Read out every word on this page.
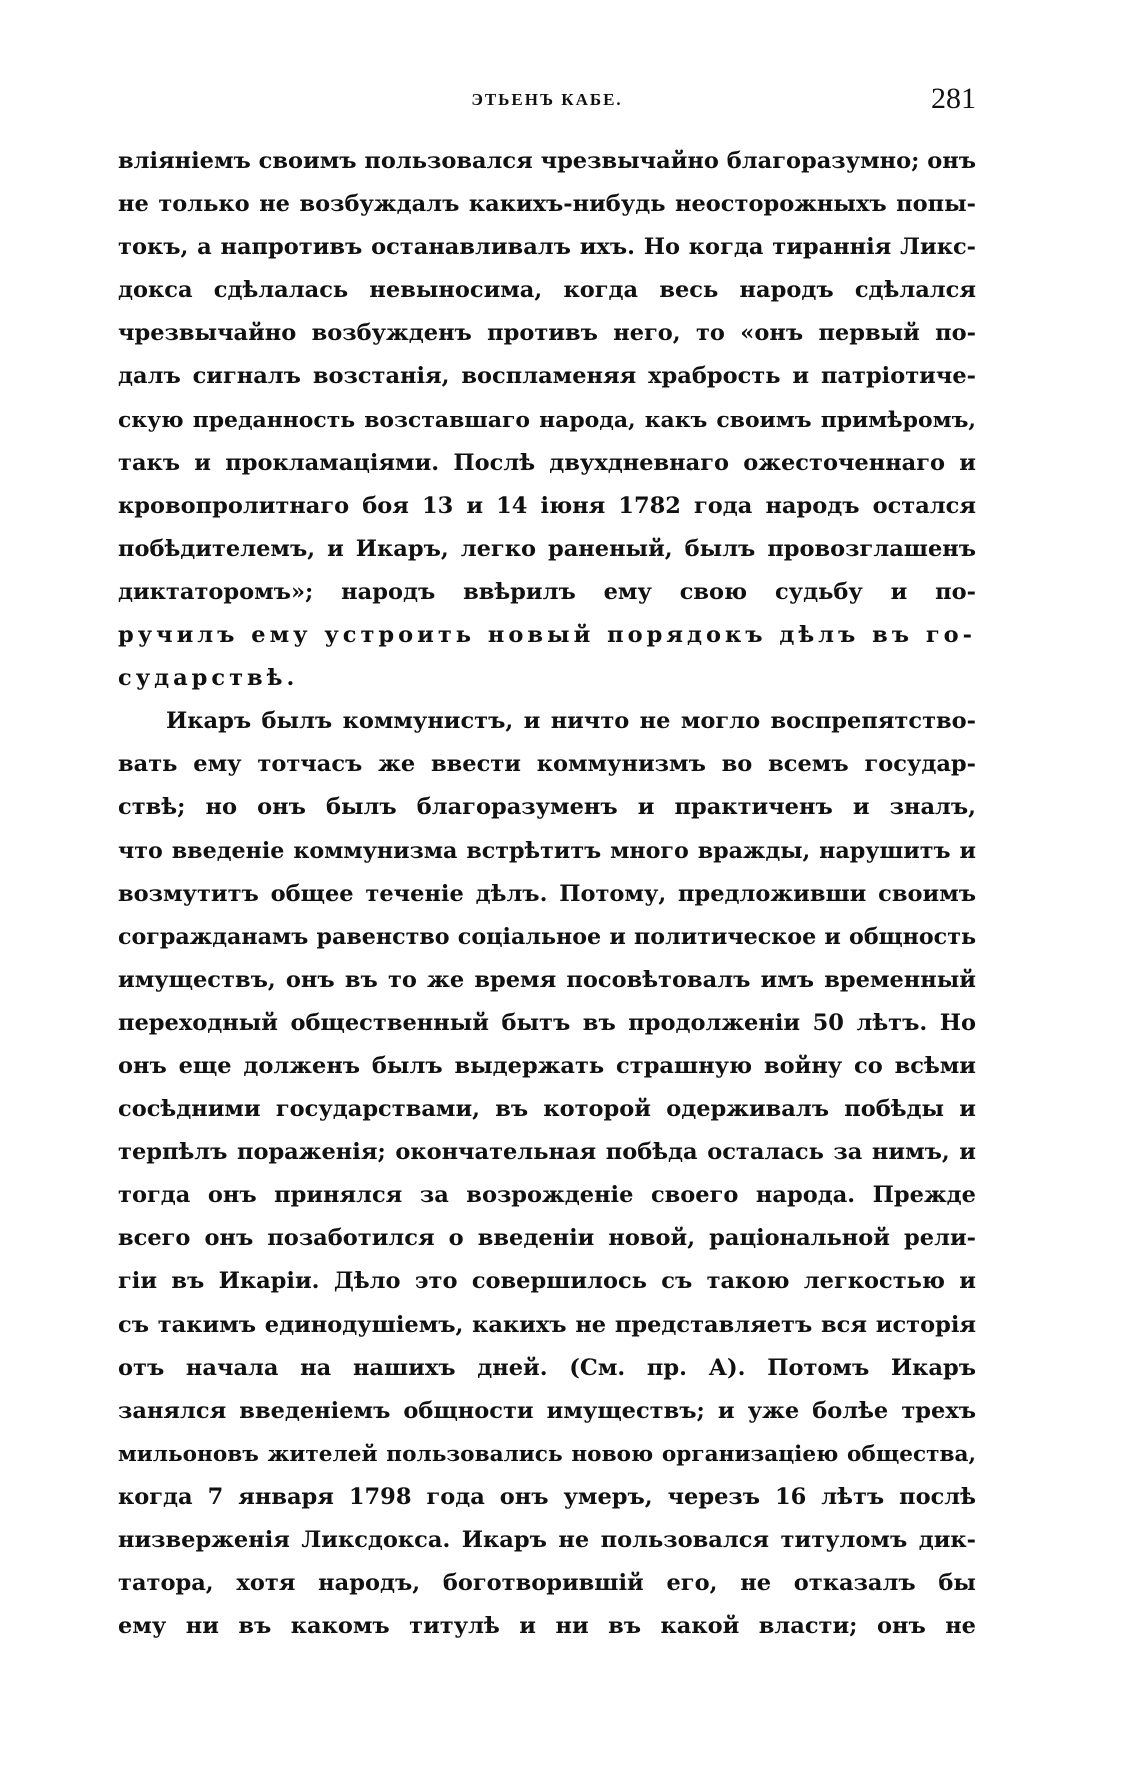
ЭТЬЕНЪ КАБЕ.	281
вліяніемъ своимъ пользовался чрезвычайно благоразумно; онъ
не только не возбуждалъ какихъ-нибудь неосторожныхъ попы-
токъ, а напротивъ останавливалъ ихъ. Но когда тираннія Ликс-
докса сдѣлалась невыносима, когда весь народъ сдѣлался
чрезвычайно возбужденъ противъ него, то «онъ первый по-
далъ сигналъ возстанія, воспламеняя храбрость и патріотиче-
скую преданность возставшаго народа, какъ своимъ примѣромъ,
такъ и прокламаціями. Послѣ двухдневнаго ожесточеннаго и
кровопролитнаго боя 13 и 14 іюня 1782 года народъ остался
побѣдителемъ, и Икаръ, легко раненый, былъ провозглашенъ
диктаторомъ»; народъ ввѣрилъ ему свою судьбу и по-
ручилъ ему устроить новый порядокъ дѣлъ въ го-
сударствѣ.
Икаръ былъ коммунистъ, и ничто не могло воспрепятство-
вать ему тотчасъ же ввести коммунизмъ во всемъ государ-
ствѣ; но онъ былъ благоразуменъ и практиченъ и зналъ,
что введеніе коммунизма встрѣтитъ много вражды, нарушитъ и
возмутитъ общее теченіе дѣлъ. Потому, предложивши своимъ
согражданамъ равенство соціальное и политическое и общность
имуществъ, онъ въ то же время посовѣтовалъ имъ временный
переходный общественный бытъ въ продолженіи 50 лѣтъ. Но
онъ еще долженъ былъ выдержать страшную войну со всѣми
сосѣдними государствами, въ которой одерживалъ побѣды и
терпѣлъ пораженія; окончательная побѣда осталась за нимъ, и
тогда онъ принялся за возрожденіе своего народа. Прежде
всего онъ позаботился о введеніи новой, раціональной рели-
гіи въ Икаріи. Дѣло это совершилось съ такою легкостью и
съ такимъ единодушіемъ, какихъ не представляетъ вся исторія
отъ начала на нашихъ дней. (См. пр. А). Потомъ Икаръ
занялся введеніемъ общности имуществъ; и уже болѣе трехъ
мильоновъ жителей пользовались новою организаціею общества,
когда 7 января 1798 года онъ умеръ, черезъ 16 лѣтъ послѣ
низверженія Ликсдокса. Икаръ не пользовался титуломъ дик-
татора, хотя народъ, боготворившій его, не отказалъ бы
ему ни въ какомъ титулѣ и ни въ какой власти; онъ не
